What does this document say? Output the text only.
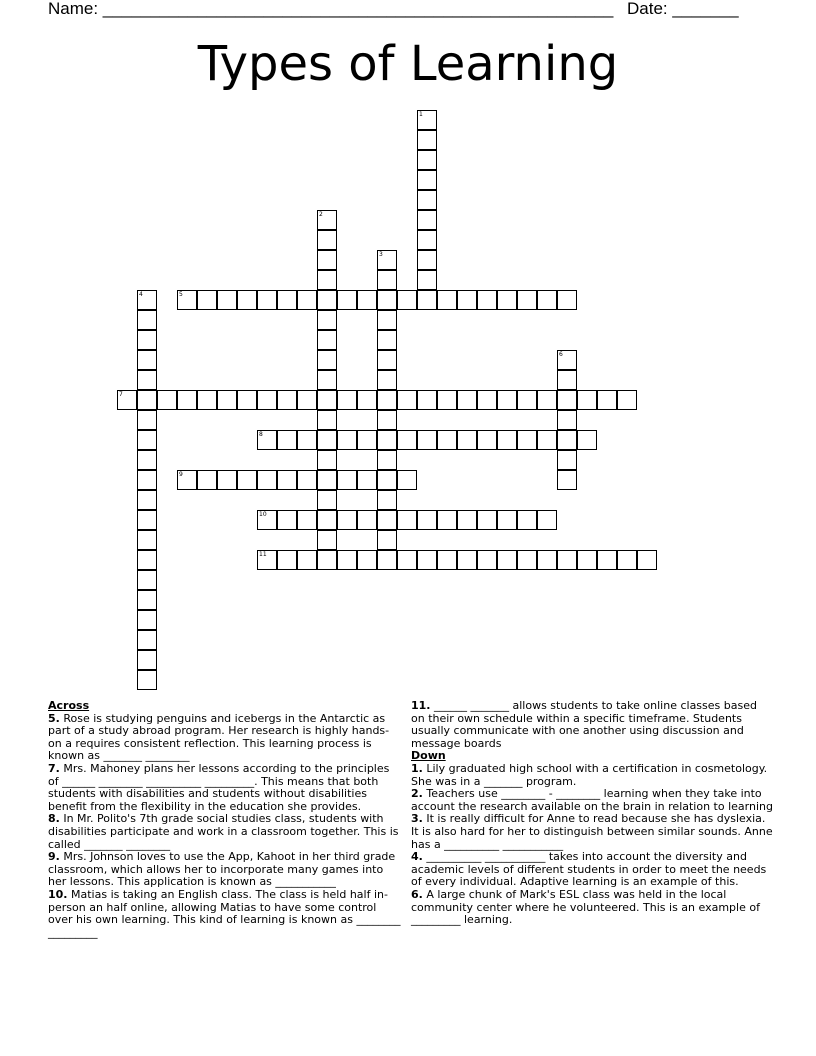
Name: ______________________________________________________ Date: _______
Types of Learning
1
2
3
4	5
6
7
8
9
10
11
Across

5. Rose is studying penguins and icebergs in the Antarctic as part of a study abroad program. Her research is highly hands-on a requires consistent reflection. This learning process is known as _______ ________

7. Mrs. Mahoney plans her lessons according to the principles of ______ ________ __________ _________. This means that both students with disabilities and students without disabilities benefit from the flexibility in the education she provides.

8. In Mr. Polito's 7th grade social studies class, students with disabilities participate and work in a classroom together. This is called _______ ________

9. Mrs. Johnson loves to use the App, Kahoot in her third grade classroom, which allows her to incorporate many games into her lessons. This application is known as ___________

10. Matias is taking an English class. The class is held half in-person an half online, allowing Matias to have some control over his own learning. This kind of learning is known as ________ _________

11. ______ _______ allows students to take online classes based on their own schedule within a specific timeframe. Students usually communicate with one another using discussion and message boards

Down

1. Lily graduated high school with a certification in cosmetology. She was in a _______ program.

2. Teachers use ________ - ________ learning when they take into account the research available on the brain in relation to learning

3. It is really difficult for Anne to read because she has dyslexia. It is also hard for her to distinguish between similar sounds. Anne has a __________ ___________

4. __________ ___________ takes into account the diversity and academic levels of different students in order to meet the needs of every individual. Adaptive learning is an example of this.

6. A large chunk of Mark's ESL class was held in the local community center where he volunteered. This is an example of _________ learning.
